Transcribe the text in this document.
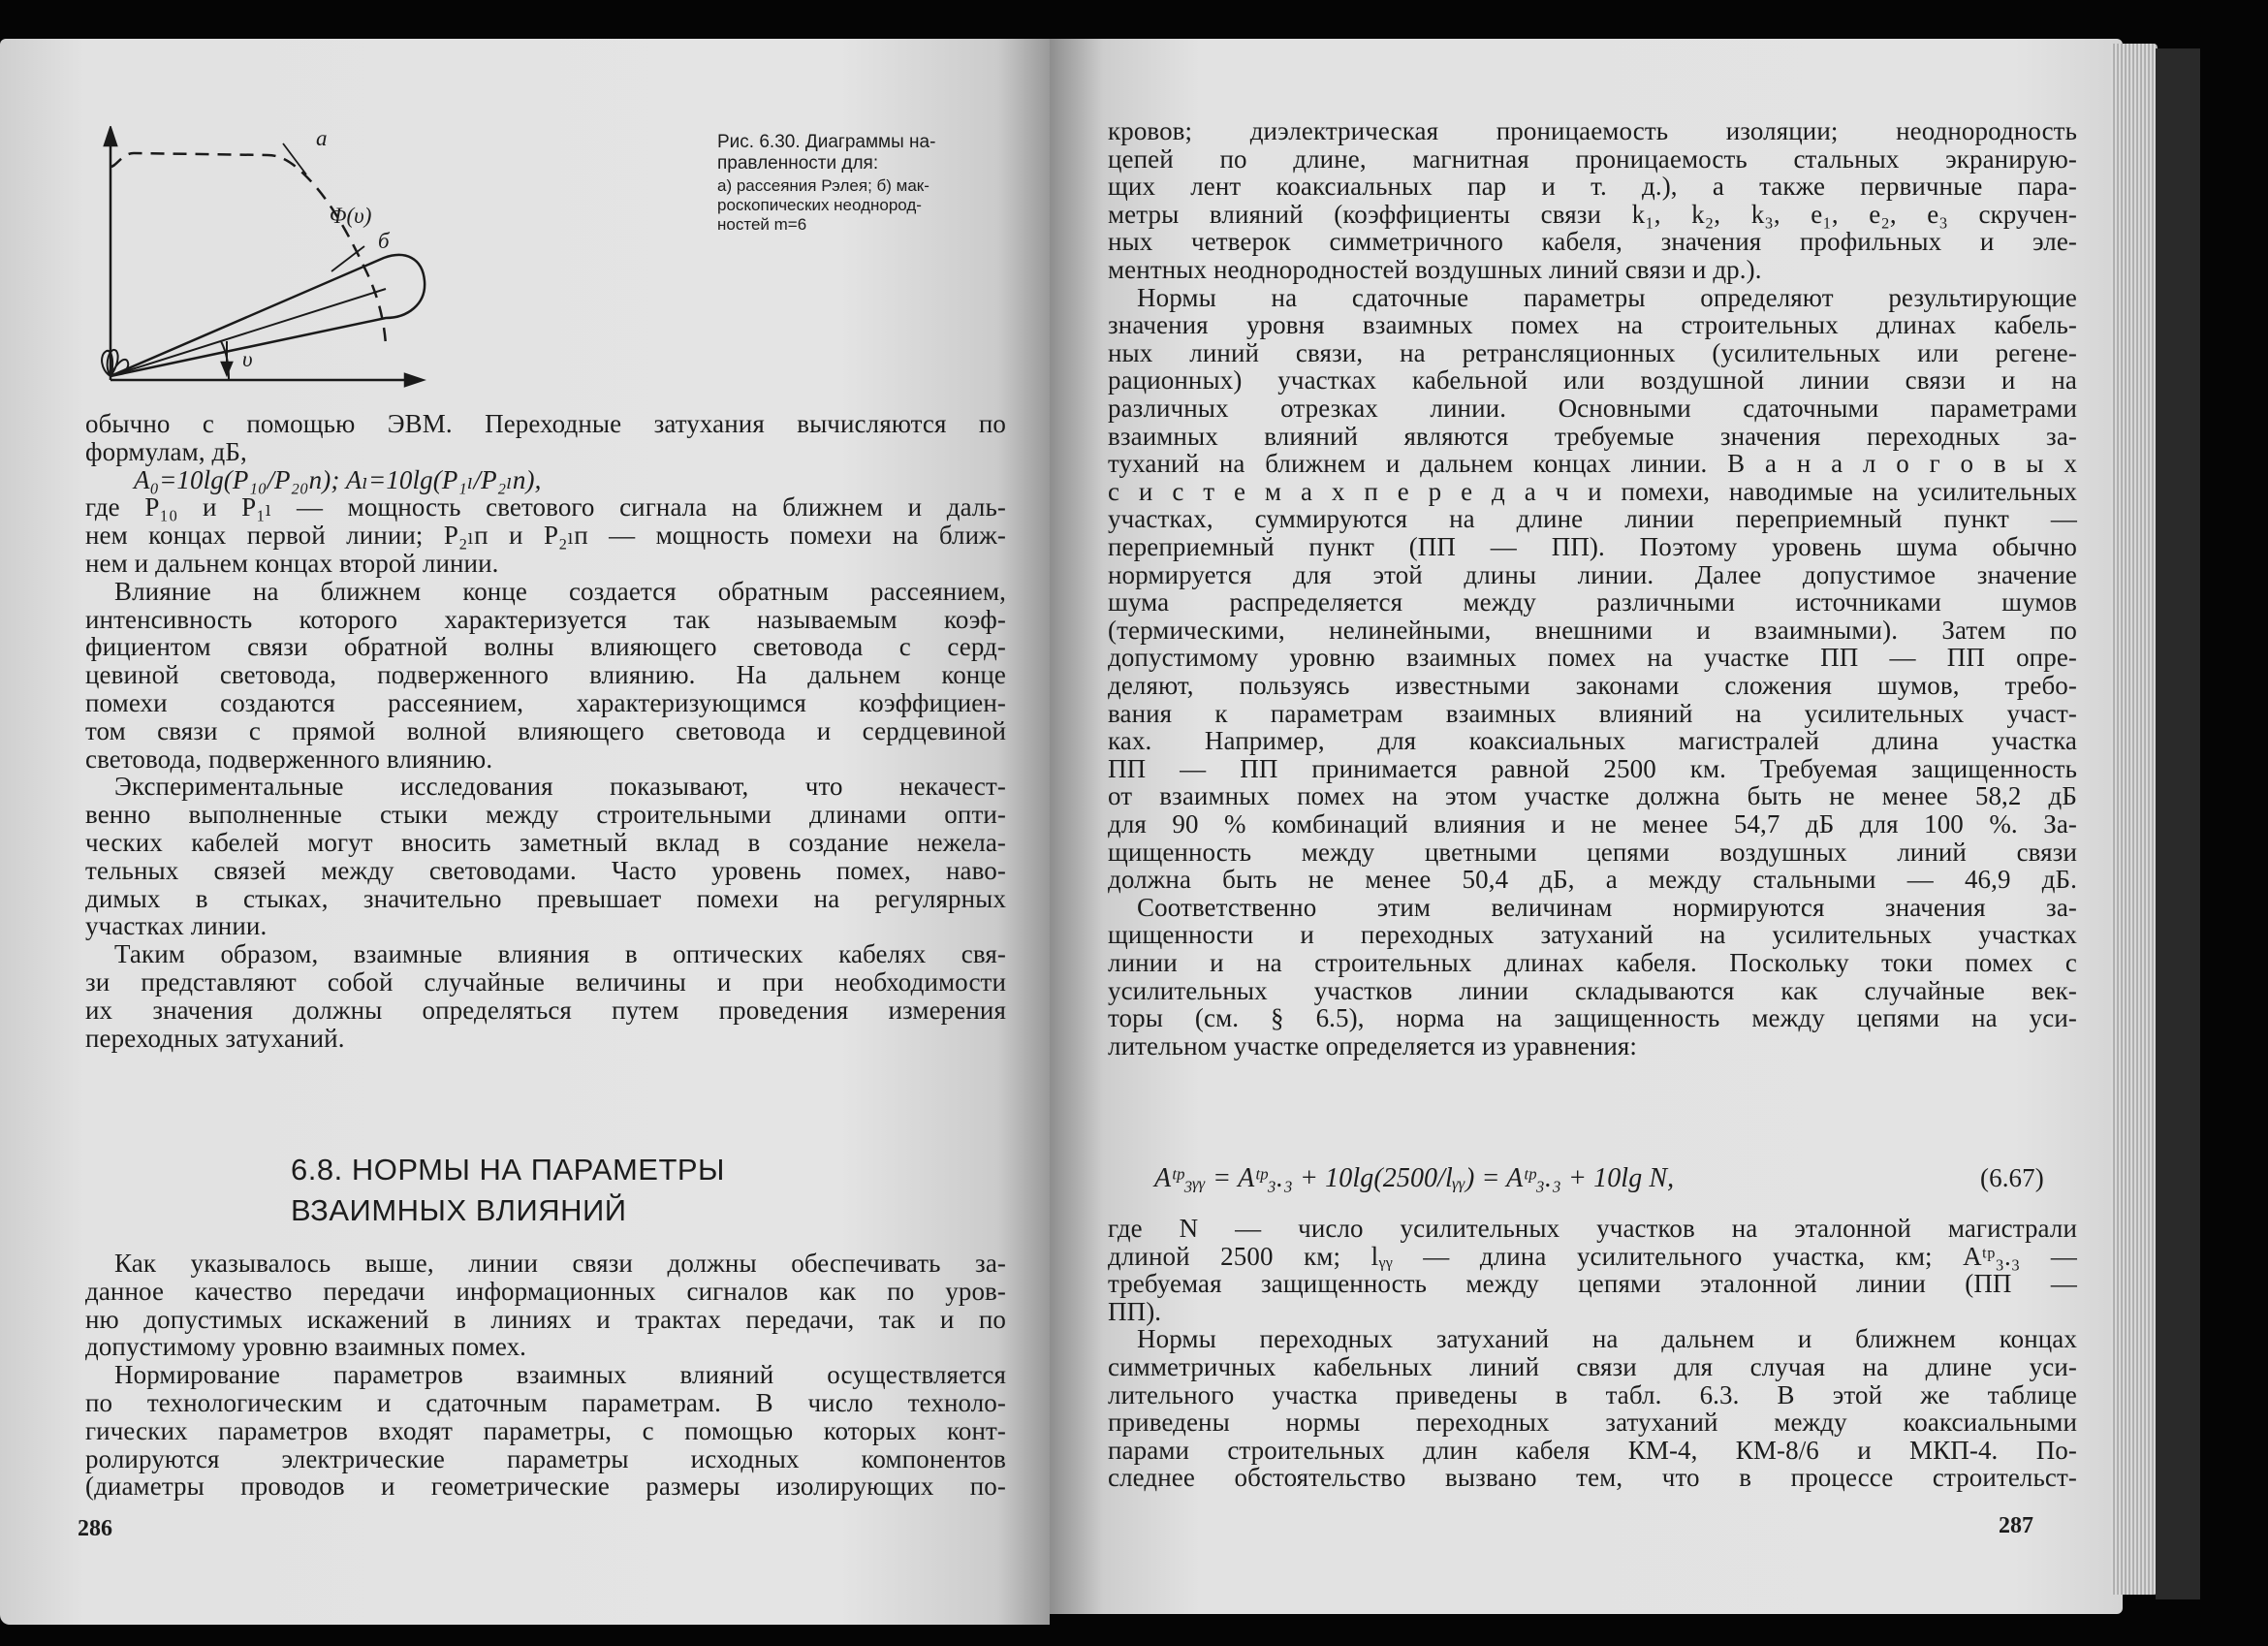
а
Φ(υ)
б
υ
Рис. 6.30. Диаграммы на-
правленности для:
а) рассеяния Рэлея; б) мак-
роскопических неоднород-
ностей m=6
обычно с помощью ЭВМ. Переходные затухания вычисляются по
формулам, дБ,
A₀=10lg(P₁₀/P₂₀п); Aₗ=10lg(P₁ₗ/P₂ₗп),
где P₁₀ и P₁ₗ — мощность светового сигнала на ближнем и даль-
нем концах первой линии; P₂ₗп и P₂ₗп — мощность помехи на ближ-
нем и дальнем концах второй линии.
Влияние на ближнем конце создается обратным рассеянием,
интенсивность которого характеризуется так называемым коэф-
фициентом связи обратной волны влияющего световода с серд-
цевиной световода, подверженного влиянию. На дальнем конце
помехи создаются рассеянием, характеризующимся коэффициен-
том связи с прямой волной влияющего световода и сердцевиной
световода, подверженного влиянию.
Экспериментальные исследования показывают, что некачест-
венно выполненные стыки между строительными длинами опти-
ческих кабелей могут вносить заметный вклад в создание нежела-
тельных связей между световодами. Часто уровень помех, наво-
димых в стыках, значительно превышает помехи на регулярных
участках линии.
Таким образом, взаимные влияния в оптических кабелях свя-
зи представляют собой случайные величины и при необходимости
их значения должны определяться путем проведения измерения
переходных затуханий.
6.8. НОРМЫ НА ПАРАМЕТРЫ
ВЗАИМНЫХ ВЛИЯНИЙ
Как указывалось выше, линии связи должны обеспечивать за-
данное качество передачи информационных сигналов как по уров-
ню допустимых искажений в линиях и трактах передачи, так и по
допустимому уровню взаимных помех.
Нормирование параметров взаимных влияний осуществляется
по технологическим и сдаточным параметрам. В число техноло-
гических параметров входят параметры, с помощью которых конт-
ролируются электрические параметры исходных компонентов
(диаметры проводов и геометрические размеры изолирующих по-
286
кровов; диэлектрическая проницаемость изоляции; неоднородность
цепей по длине, магнитная проницаемость стальных экранирую-
щих лент коаксиальных пар и т. д.), а также первичные пара-
метры влияний (коэффициенты связи k₁, k₂, k₃, e₁, e₂, e₃ скручен-
ных четверок симметричного кабеля, значения профильных и эле-
ментных неоднородностей воздушных линий связи и др.).
Нормы на сдаточные параметры определяют результирующие
значения уровня взаимных помех на строительных длинах кабель-
ных линий связи, на ретрансляционных (усилительных или регене-
рационных) участках кабельной или воздушной линии связи и на
различных отрезках линии. Основными сдаточными параметрами
взаимных влияний являются требуемые значения переходных за-
туханий на ближнем и дальнем концах линии. В а н а л о г о в ы х
с и с т е м а х п е р е д а ч и помехи, наводимые на усилительных
участках, суммируются на длине линии переприемный пункт —
переприемный пункт (ПП — ПП). Поэтому уровень шума обычно
нормируется для этой длины линии. Далее допустимое значение
шума распределяется между различными источниками шумов
(термическими, нелинейными, внешними и взаимными). Затем по
допустимому уровню взаимных помех на участке ПП — ПП опре-
деляют, пользуясь известными законами сложения шумов, требо-
вания к параметрам взаимных влияний на усилительных участ-
ках. Например, для коаксиальных магистралей длина участка
ПП — ПП принимается равной 2500 км. Требуемая защищенность
от взаимных помех на этом участке должна быть не менее 58,2 дБ
для 90 % комбинаций влияния и не менее 54,7 дБ для 100 %. За-
щищенность между цветными цепями воздушных линий связи
должна быть не менее 50,4 дБ, а между стальными — 46,9 дБ.
Соответственно этим величинам нормируются значения за-
щищенности и переходных затуханий на усилительных участках
линии и на строительных длинах кабеля. Поскольку токи помех с
усилительных участков линии складываются как случайные век-
торы (см. § 6.5), норма на защищенность между цепями на уси-
лительном участке определяется из уравнения:
Aᵗᵖ₃ᵧᵧ = Aᵗᵖ₃.₃ + 10lg(2500/lᵧᵧ) = Aᵗᵖ₃.₃ + 10lg N,	(6.67)
где N — число усилительных участков на эталонной магистрали
длиной 2500 км; lᵧᵧ — длина усилительного участка, км; Aᵗᵖ₃.₃ —
требуемая защищенность между цепями эталонной линии (ПП —
ПП).
Нормы переходных затуханий на дальнем и ближнем концах
симметричных кабельных линий связи для случая на длине уси-
лительного участка приведены в табл. 6.3. В этой же таблице
приведены нормы переходных затуханий между коаксиальными
парами строительных длин кабеля КМ-4, КМ-8/6 и МКП-4. По-
следнее обстоятельство вызвано тем, что в процессе строительст-
287
